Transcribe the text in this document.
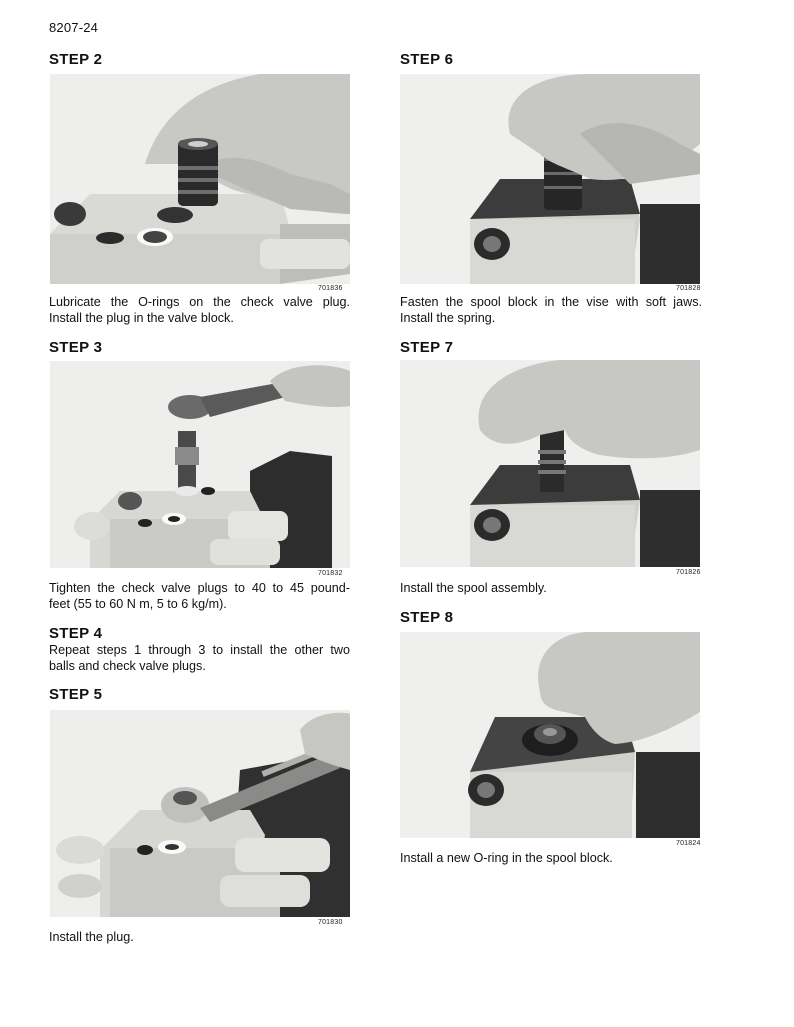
8207-24
STEP 2
701836
Lubricate the O-rings on the check valve plug.
Install the plug in the valve block.
STEP 3
701832
Tighten the check valve plugs to 40 to 45 pound-
feet (55 to 60 N m, 5 to 6 kg/m).
STEP 4
Repeat steps 1 through 3 to install the other two
balls and check valve plugs.
STEP 5
701830
Install the plug.
STEP 6
701828
Fasten the spool block in the vise with soft jaws.
Install the spring.
STEP 7
701826
Install the spool assembly.
STEP 8
701824
Install a new O-ring in the spool block.
